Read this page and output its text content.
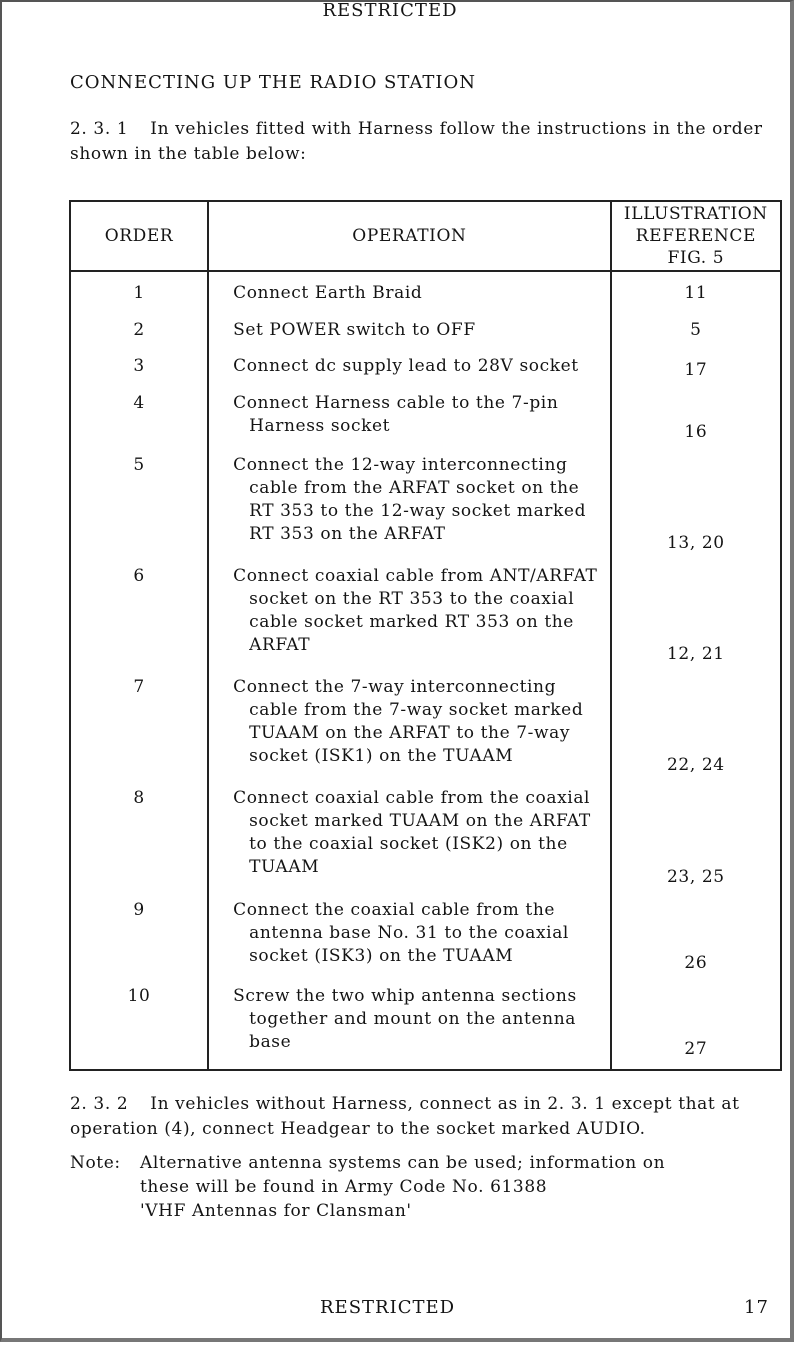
RESTRICTED
CONNECTING UP THE RADIO STATION
2. 3. 1 In vehicles fitted with Harness follow the instructions in the order shown in the table below:
ORDER	OPERATION	ILLUSTRATION
REFERENCE
FIG. 5

1	Connect Earth Braid	11
2	Set POWER switch to OFF	5
3	Connect dc supply lead to 28V socket	17
4	Connect Harness cable to the 7-pin Harness socket	16
5	Connect the 12-way interconnecting cable from the ARFAT socket on the RT 353 to the 12-way socket marked RT 353 on the ARFAT	13, 20
6	Connect coaxial cable from ANT/ARFAT socket on the RT 353 to the coaxial cable socket marked RT 353 on the ARFAT	12, 21
7	Connect the 7-way interconnecting cable from the 7-way socket marked TUAAM on the ARFAT to the 7-way socket (ISK1) on the TUAAM	22, 24
8	Connect coaxial cable from the coaxial socket marked TUAAM on the ARFAT to the coaxial socket (ISK2) on the TUAAM	23, 25
9	Connect the coaxial cable from the antenna base No. 31 to the coaxial socket (ISK3) on the TUAAM	26
10	Screw the two whip antenna sections together and mount on the antenna base	27
2. 3. 2 In vehicles without Harness, connect as in 2. 3. 1 except that at operation (4), connect Headgear to the socket marked AUDIO.
Note:	Alternative antenna systems can be used; information on
these will be found in Army Code No. 61388
'VHF Antennas for Clansman'
RESTRICTED	17
